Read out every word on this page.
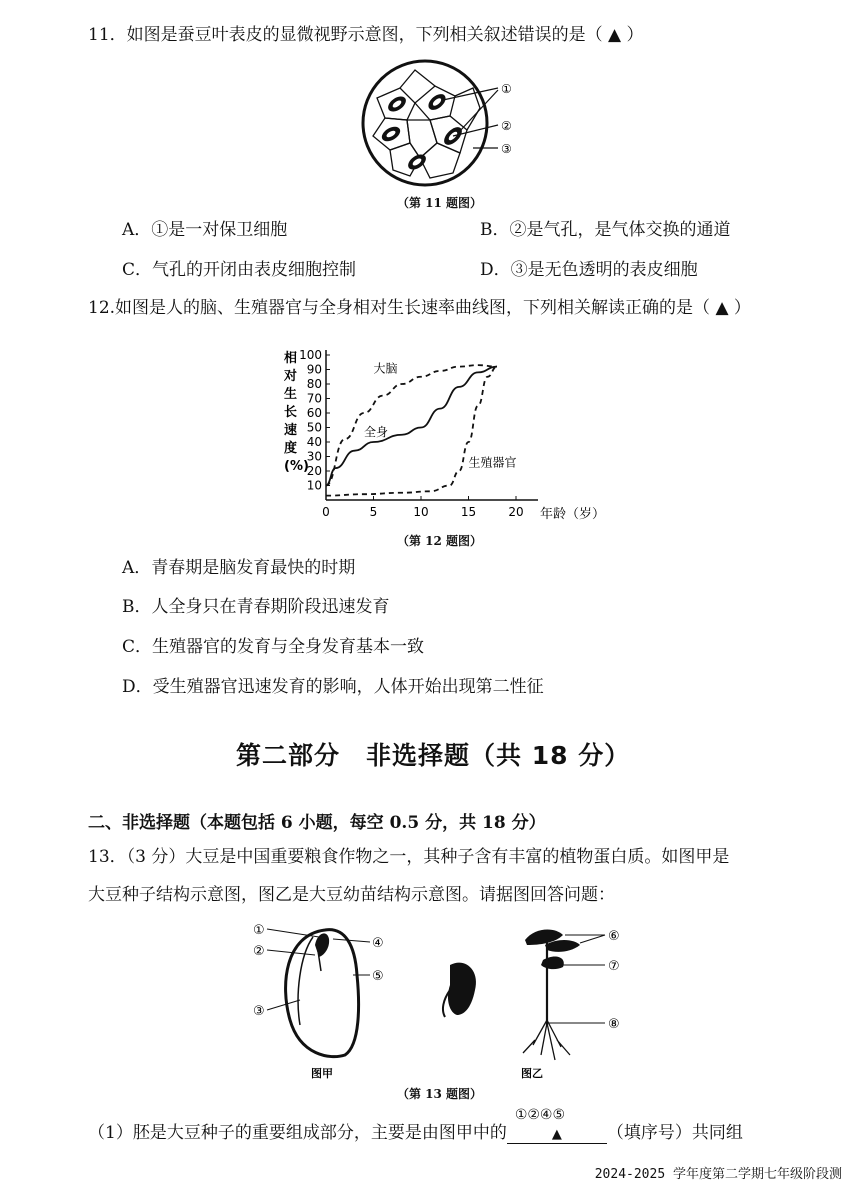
11．如图是蚕豆叶表皮的显微视野示意图，下列相关叙述错误的是（ ▲ ）
①
②
③
（第 11 题图）
A．①是一对保卫细胞	B．②是气孔，是气体交换的通道
C．气孔的开闭由表皮细胞控制	D．③是无色透明的表皮细胞
12.如图是人的脑、生殖器官与全身相对生长速率曲线图，下列相关解读正确的是（ ▲ ）
相
对
生
长
速
度
(%)
10
20
30
40
50
60
70
80
90
100
0	5	10	15	20
大脑
全身
生殖器官
年龄（岁）
（第 12 题图）
A．青春期是脑发育最快的时期
B．人全身只在青春期阶段迅速发育
C．生殖器官的发育与全身发育基本一致
D．受生殖器官迅速发育的影响，人体开始出现第二性征
第二部分　非选择题（共 18 分）
二、非选择题（本题包括 6 小题，每空 0.5 分，共 18 分）
13．（3 分）大豆是中国重要粮食作物之一，其种子含有丰富的植物蛋白质。如图甲是
大豆种子结构示意图，图乙是大豆幼苗结构示意图。请据图回答问题：
①
②
③
④
⑤
图甲
⑥
⑦
⑧
图乙
（第 13 题图）
（1）胚是大豆种子的重要组成部分，主要是由图甲中的
①②④⑤
▲	（填序号）共同组
2024-2025 学年度第二学期七年级阶段测
